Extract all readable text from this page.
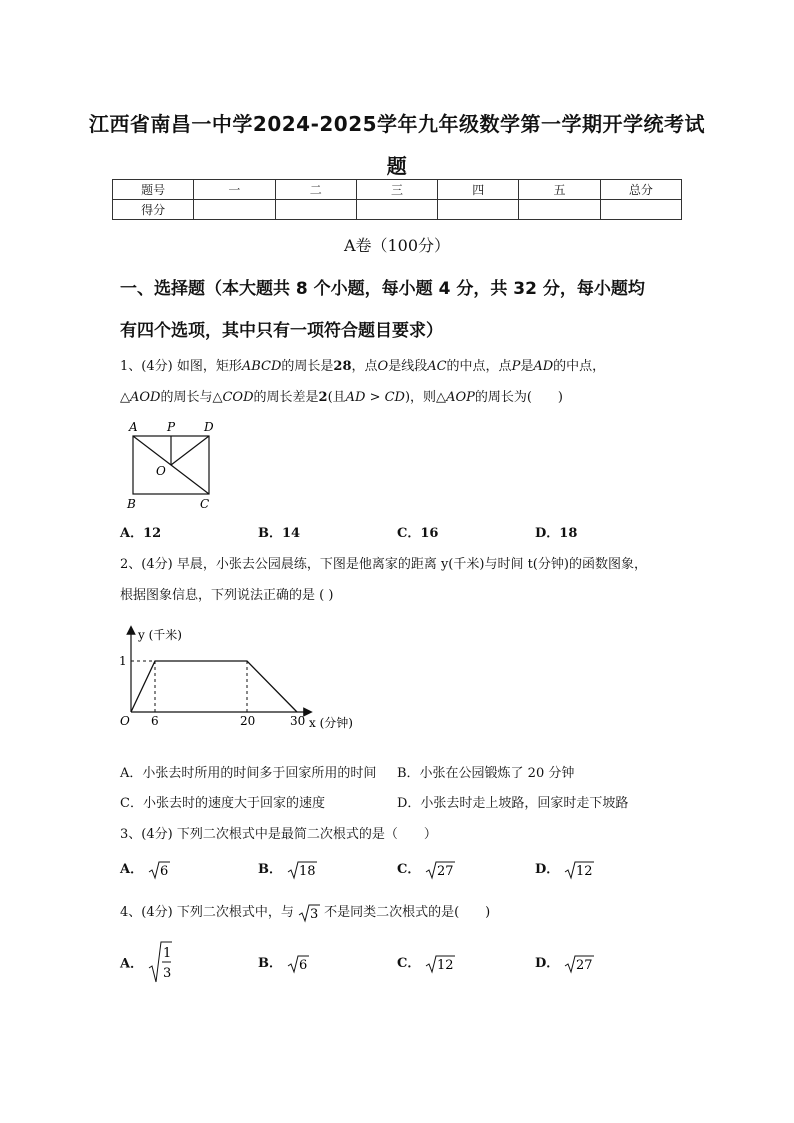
江西省南昌一中学2024-2025学年九年级数学第一学期开学统考试
题
题号	一	二	三	四	五	总分
得分						
A卷（100分）
一、选择题（本大题共 8 个小题，每小题 4 分，共 32 分，每小题均
有四个选项，其中只有一项符合题目要求）
1、(4分) 如图，矩形ABCD的周长是28，点O是线段AC的中点，点P是AD的中点，
△AOD的周长与△COD的周长差是2(且AD > CD)，则△AOP的周长为(　　)
A P D
O
B	C
A．12	B．14	C．16	D．18
2、(4分) 早晨，小张去公园晨练，下图是他离家的距离 y(千米)与时间 t(分钟)的函数图象，
根据图象信息，下列说法正确的是 ( )
y (千米)
x (分钟)
O
1
6	20	30
A．小张去时所用的时间多于回家所用的时间 B．小张在公园锻炼了 20 分钟
C．小张去时的速度大于回家的速度	D．小张去时走上坡路，回家时走下坡路
3、(4分) 下列二次根式中是最简二次根式的是（　　）
A． 6	B． 18	C． 27	D． 12
4、(4分) 下列二次根式中，与 3 不是同类二次根式的是(　　)
A．
1
3
B． 6	C． 12	D． 27
